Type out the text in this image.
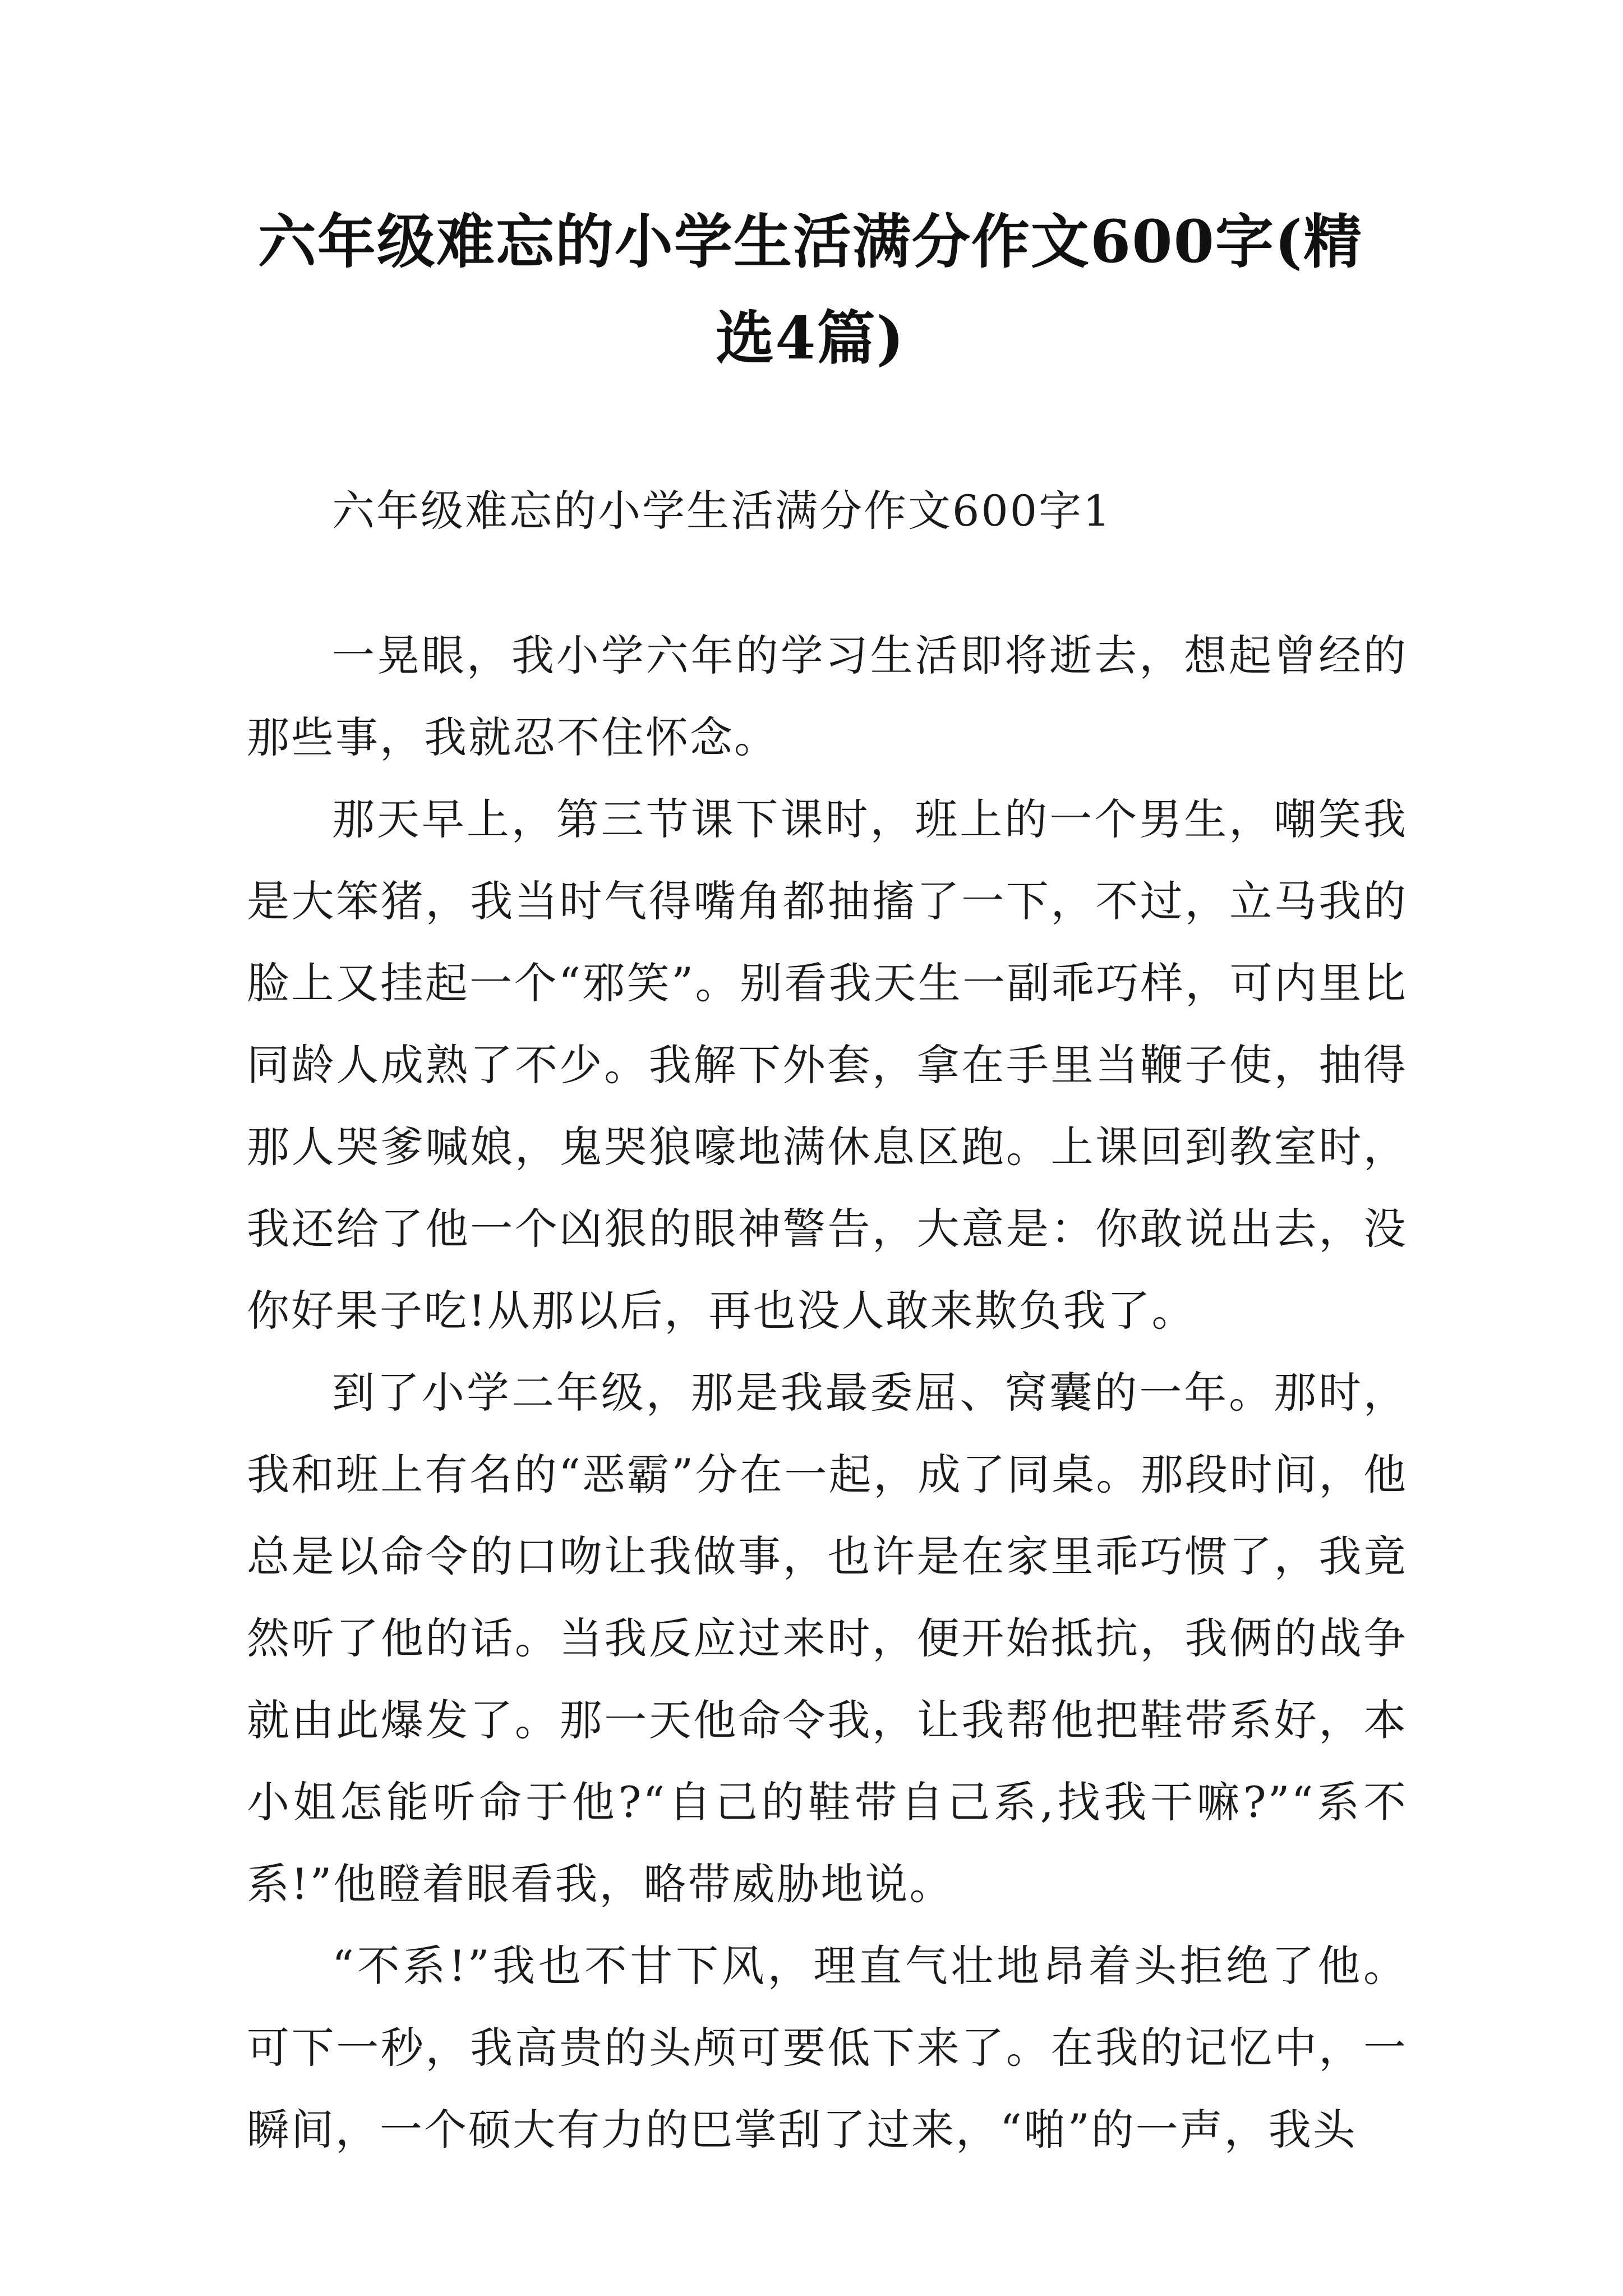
六年级难忘的小学生活满分作文600字(精选4篇)

六年级难忘的小学生活满分作文600字1

一晃眼，我小学六年的学习生活即将逝去，想起曾经的那些事，我就忍不住怀念。

那天早上，第三节课下课时，班上的一个男生，嘲笑我是大笨猪，我当时气得嘴角都抽搐了一下，不过，立马我的脸上又挂起一个“邪笑”。别看我天生一副乖巧样，可内里比同龄人成熟了不少。我解下外套，拿在手里当鞭子使，抽得那人哭爹喊娘，鬼哭狼嚎地满休息区跑。上课回到教室时，我还给了他一个凶狠的眼神警告，大意是：你敢说出去，没你好果子吃!从那以后，再也没人敢来欺负我了。

到了小学二年级，那是我最委屈、窝囊的一年。那时，我和班上有名的“恶霸”分在一起，成了同桌。那段时间，他总是以命令的口吻让我做事，也许是在家里乖巧惯了，我竟然听了他的话。当我反应过来时，便开始抵抗，我俩的战争就由此爆发了。那一天他命令我，让我帮他把鞋带系好，本小姐怎能听命于他?“自己的鞋带自己系,找我干嘛?”“系不系!”他瞪着眼看我，略带威胁地说。

“不系!”我也不甘下风，理直气壮地昂着头拒绝了他。可下一秒，我高贵的头颅可要低下来了。在我的记忆中，一瞬间，一个硕大有力的巴掌刮了过来，“啪”的一声，我头
